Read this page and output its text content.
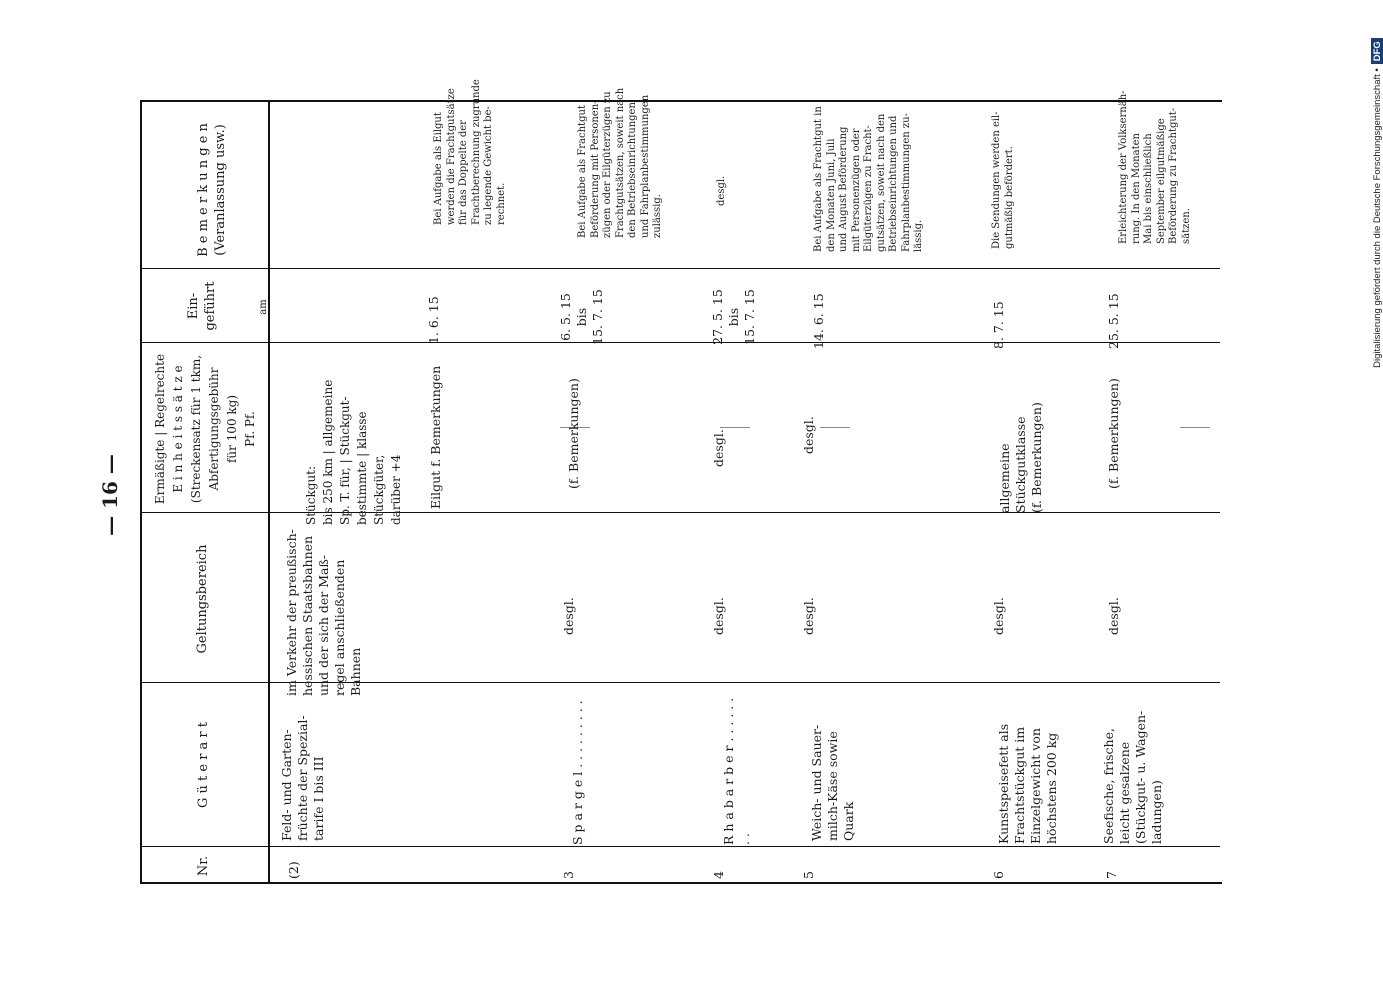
— 16 —
Digitalisierung gefördert durch die Deutsche Forschungsgemeinschaft •DFG
Nr.
G ü t e r a r t
Geltungsbereich
Ermäßigte | Regelrechte
E i n h e i t s s ä t z e
(Streckensatz für 1 tkm,
Abfertigungsgebühr
für 100 kg)
Pf. Pf.
Ein-
geführt	am
B e m e r k u n g e n
(Veranlassung usw.)
(2)
Feld- und Garten-
früchte der Spezial-
tarife I bis III
im Verkehr der preußisch-
hessischen Staatsbahnen
und der sich der Maß-
regel anschließenden
Bahnen
Stückgut:
bis 250 km | allgemeine
Sp. T. für, | Stückgut-
bestimmte | klasse
Stückgüter,
darüber +4 Eilgut f. Bemerkungen
1. 6. 15
Bei Aufgabe als Eilgut
werden die Frachtgutsätze
für das Doppelte der
Frachtberechnung zugrunde
zu legende Gewicht be-
rechnet.
3
S p a r g e l . . . . . . . . .
desgl.
(f. Bemerkungen)
6. 5. 15
bis
15. 7. 15
Bei Aufgabe als Frachtgut
Beförderung mit Personen-
zügen oder Eilgüterzügen zu
Frachtgutsätzen, soweit nach
den Betriebseinrichtungen
und Fahrplanbestimmungen
zulässig.
4
R h a b a r b e r . . . . . . . .
desgl.
desgl.
27. 5. 15
bis
15. 7. 15
desgl.
5
Weich- und Sauer-
milch-Käse sowie
Quark
desgl.
desgl.
14. 6. 15
Bei Aufgabe als Frachtgut in
den Monaten Juni, Juli
und August Beförderung
mit Personenzügen oder
Eilgüterzügen zu Fracht-
gutsätzen, soweit nach den
Betriebseinrichtungen und
Fahrplanbestimmungen zu-
lässig.
6
Kunstspeisefett als
Frachtstückgut im
Einzelgewicht von
höchstens 200 kg
desgl.
allgemeine Stückgutklasse
(f. Bemerkungen)
8. 7. 15
Die Sendungen werden eil-
gutmäßig befördert.
7
Seefische, frische,
leicht gesalzene
(Stückgut- u. Wagen-
ladungen)
desgl.
(f. Bemerkungen)
25. 5. 15
Erleichterung der Volksernäh-
rung. In den Monaten
Mai bis einschließlich
September eilgutmäßige
Beförderung zu Frachtgut-
sätzen.
